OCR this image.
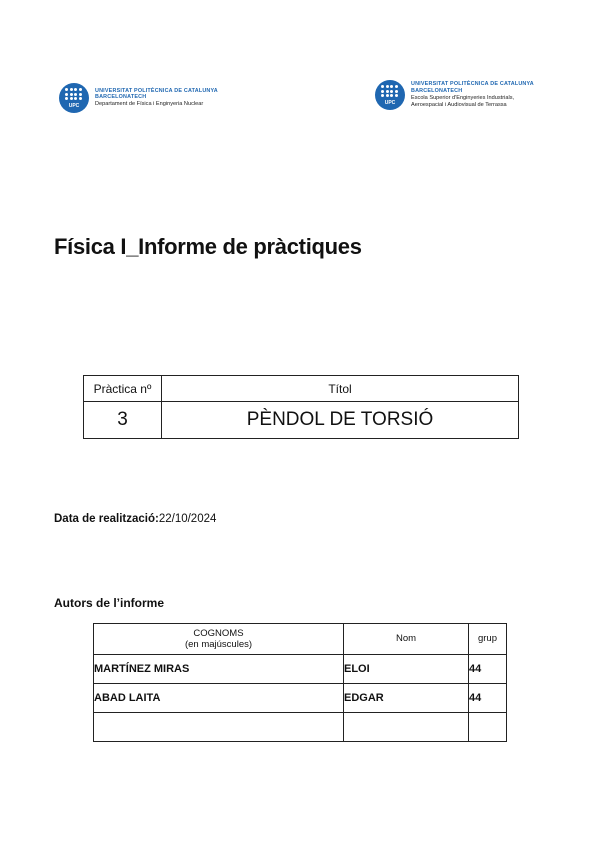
UPC
UNIVERSITAT POLITÈCNICA DE CATALUNYA
BARCELONATECH
Departament de Física i Enginyeria Nuclear	UPC
UNIVERSITAT POLITÈCNICA DE CATALUNYA
BARCELONATECH
Escola Superior d'Enginyeries Industrials,
Aeroespacial i Audiovisual de Terrassa
Física I_Informe de pràctiques
Pràctica nº	Títol
3	PÈNDOL DE TORSIÓ
Data de realització:22/10/2024
Autors de l’informe
COGNOMS
(en majúscules)	Nom	grup
MARTÍNEZ MIRAS	ELOI	44
ABAD LAITA	EDGAR	44
